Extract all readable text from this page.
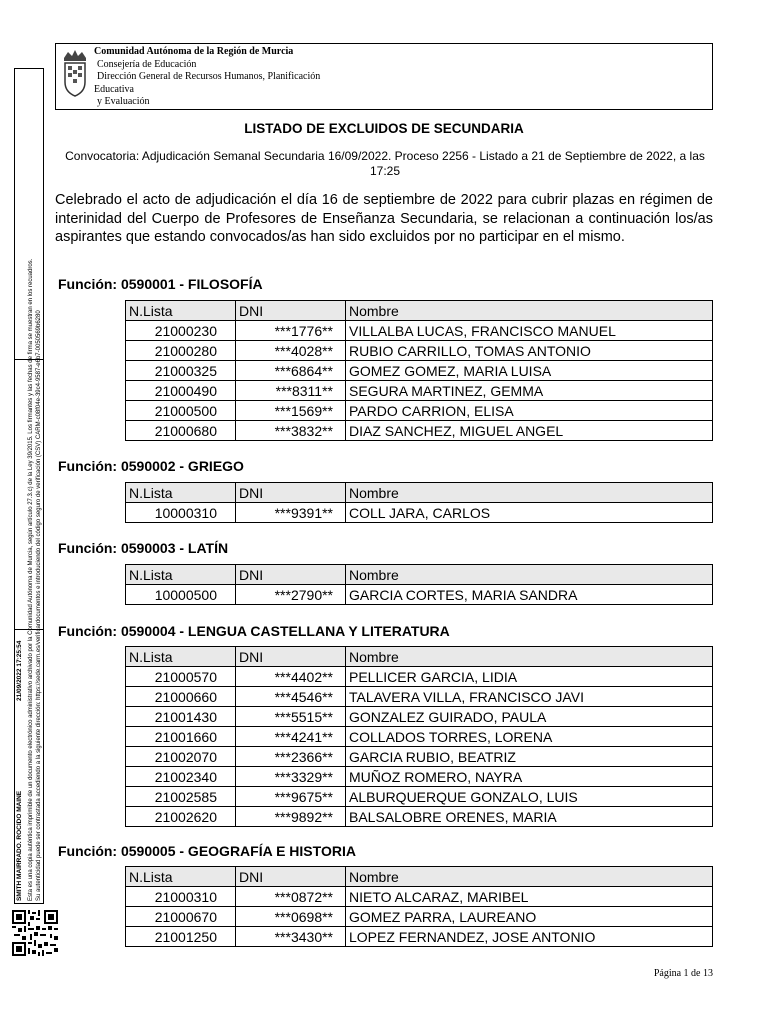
SMITH MAIRRADO. ROCIDO MAINE
21/09/2022 17:25:54 Esta es una copia auténtica imprimible de un documento electrónico administrativo archivado por la Comunidad Autónoma de Murcia, según artículo 27.3.c) de la Ley 39/2015. Los firmantes y las fechas de firma se muestran en los recuadros. Su autenticidad puede ser contrastada accediendo a la siguiente dirección: https://sede.carm.es/verificardocumentos e introduciendo del código seguro de verificación (CSV) CARM-c08f04e-39c4-9587-e6b7-0050569b6280
Comunidad Autónoma de la Región de Murcia
Consejería de Educación
Dirección General de Recursos Humanos, Planificación
Educativa
y Evaluación
LISTADO DE EXCLUIDOS DE SECUNDARIA
Convocatoria: Adjudicación Semanal Secundaria 16/09/2022. Proceso 2256 - Listado a 21 de Septiembre de 2022, a las 17:25
Celebrado el acto de adjudicación el día 16 de septiembre de 2022 para cubrir plazas en régimen de interinidad del Cuerpo de Profesores de Enseñanza Secundaria, se relacionan a continuación los/as aspirantes que estando convocados/as han sido excluidos por no participar en el mismo.
Función: 0590001 - FILOSOFÍA
N.Lista	DNI	Nombre
21000230	***1776**	VILLALBA LUCAS, FRANCISCO MANUEL
21000280	***4028**	RUBIO CARRILLO, TOMAS ANTONIO
21000325	***6864**	GOMEZ GOMEZ, MARIA LUISA
21000490	***8311**	SEGURA MARTINEZ, GEMMA
21000500	***1569**	PARDO CARRION, ELISA
21000680	***3832**	DIAZ SANCHEZ, MIGUEL ANGEL
Función: 0590002 - GRIEGO
N.Lista	DNI	Nombre
10000310	***9391**	COLL JARA, CARLOS
Función: 0590003 - LATÍN
N.Lista	DNI	Nombre
10000500	***2790**	GARCIA CORTES, MARIA SANDRA
Función: 0590004 - LENGUA CASTELLANA Y LITERATURA
N.Lista	DNI	Nombre
21000570	***4402**	PELLICER GARCIA, LIDIA
21000660	***4546**	TALAVERA VILLA, FRANCISCO JAVI
21001430	***5515**	GONZALEZ GUIRADO, PAULA
21001660	***4241**	COLLADOS TORRES, LORENA
21002070	***2366**	GARCIA RUBIO, BEATRIZ
21002340	***3329**	MUÑOZ ROMERO, NAYRA
21002585	***9675**	ALBURQUERQUE GONZALO, LUIS
21002620	***9892**	BALSALOBRE ORENES, MARIA
Función: 0590005 - GEOGRAFÍA E HISTORIA
N.Lista	DNI	Nombre
21000310	***0872**	NIETO ALCARAZ, MARIBEL
21000670	***0698**	GOMEZ PARRA, LAUREANO
21001250	***3430**	LOPEZ FERNANDEZ, JOSE ANTONIO
Página 1 de 13
